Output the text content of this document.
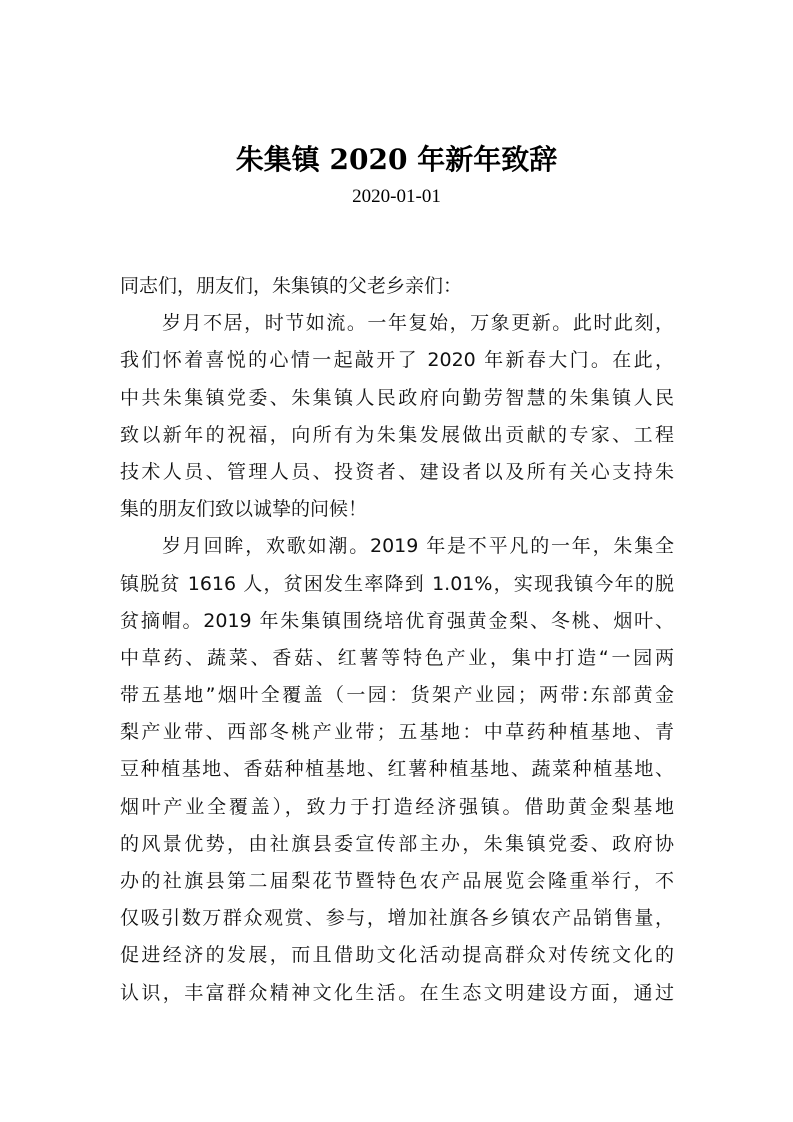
朱集镇 2020 年新年致辞
2020-01-01
同志们，朋友们，朱集镇的父老乡亲们：
岁月不居，时节如流。一年复始，万象更新。此时此刻，
我们怀着喜悦的心情一起敲开了 2020 年新春大门。在此，
中共朱集镇党委、朱集镇人民政府向勤劳智慧的朱集镇人民
致以新年的祝福，向所有为朱集发展做出贡献的专家、工程
技术人员、管理人员、投资者、建设者以及所有关心支持朱
集的朋友们致以诚挚的问候！
岁月回眸，欢歌如潮。2019 年是不平凡的一年，朱集全
镇脱贫 1616 人，贫困发生率降到 1.01%，实现我镇今年的脱
贫摘帽。2019 年朱集镇围绕培优育强黄金梨、冬桃、烟叶、
中草药、蔬菜、香菇、红薯等特色产业，集中打造“一园两
带五基地”烟叶全覆盖（一园：货架产业园；两带:东部黄金
梨产业带、西部冬桃产业带；五基地：中草药种植基地、青
豆种植基地、香菇种植基地、红薯种植基地、蔬菜种植基地、
烟叶产业全覆盖），致力于打造经济强镇。借助黄金梨基地
的风景优势，由社旗县委宣传部主办，朱集镇党委、政府协
办的社旗县第二届梨花节暨特色农产品展览会隆重举行，不
仅吸引数万群众观赏、参与，增加社旗各乡镇农产品销售量，
促进经济的发展，而且借助文化活动提高群众对传统文化的
认识，丰富群众精神文化生活。在生态文明建设方面，通过
